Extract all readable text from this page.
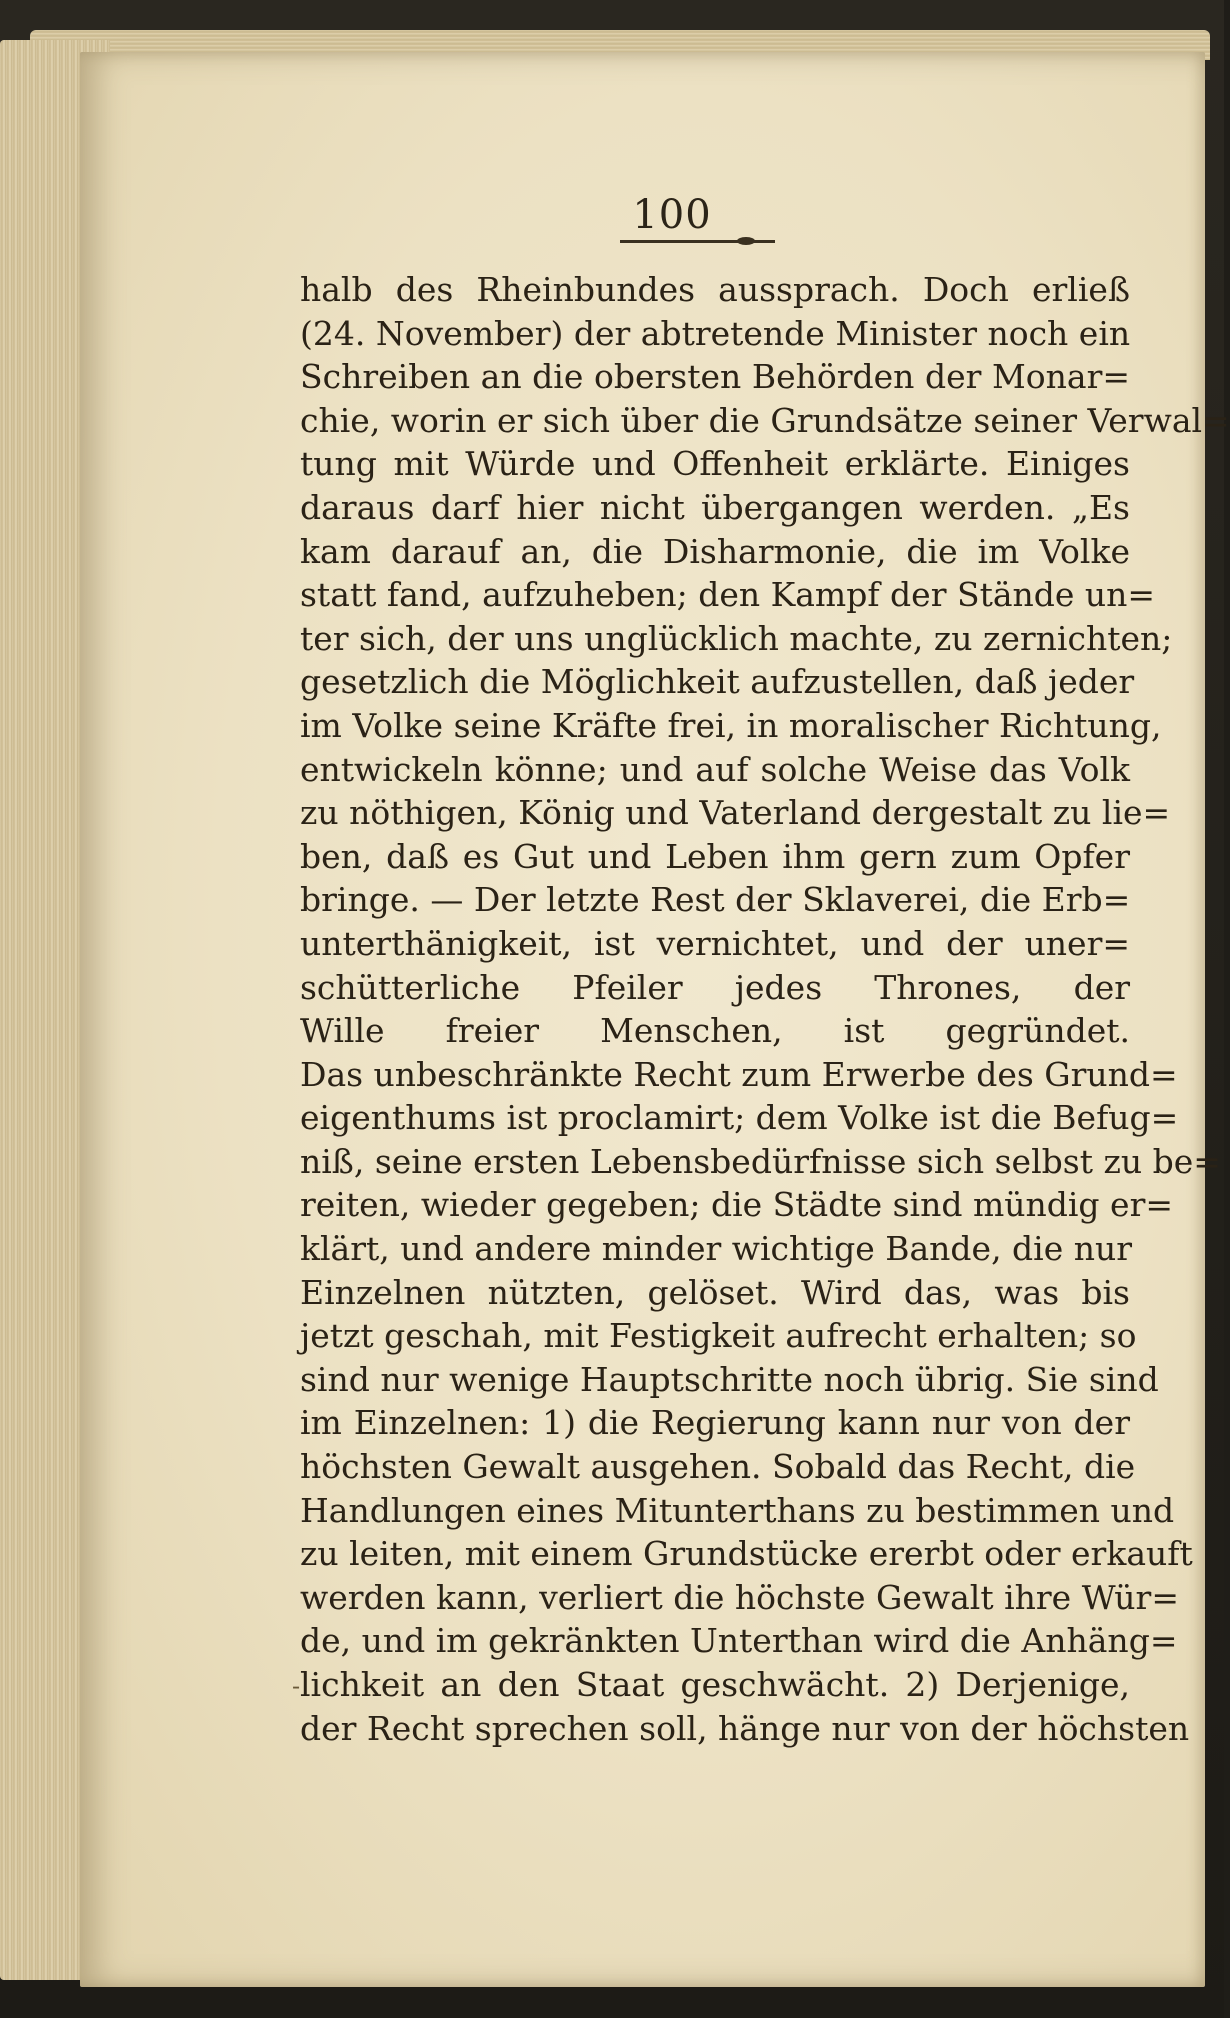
100
halb des Rheinbundes aussprach. Doch erließ
(24. November) der abtretende Minister noch ein
Schreiben an die obersten Behörden der Monar=
chie, worin er sich über die Grundsätze seiner Verwal=
tung mit Würde und Offenheit erklärte. Einiges
daraus darf hier nicht übergangen werden. „Es
kam darauf an, die Disharmonie, die im Volke
statt fand, aufzuheben; den Kampf der Stände un=
ter sich, der uns unglücklich machte, zu zernichten;
gesetzlich die Möglichkeit aufzustellen, daß jeder
im Volke seine Kräfte frei, in moralischer Richtung,
entwickeln könne; und auf solche Weise das Volk
zu nöthigen, König und Vaterland dergestalt zu lie=
ben, daß es Gut und Leben ihm gern zum Opfer
bringe. — Der letzte Rest der Sklaverei, die Erb=
unterthänigkeit, ist vernichtet, und der uner=
schütterliche Pfeiler jedes Thrones, der
Wille freier Menschen, ist gegründet.
Das unbeschränkte Recht zum Erwerbe des Grund=
eigenthums ist proclamirt; dem Volke ist die Befug=
niß, seine ersten Lebensbedürfnisse sich selbst zu be=
reiten, wieder gegeben; die Städte sind mündig er=
klärt, und andere minder wichtige Bande, die nur
Einzelnen nützten, gelöset. Wird das, was bis
jetzt geschah, mit Festigkeit aufrecht erhalten; so
sind nur wenige Hauptschritte noch übrig. Sie sind
im Einzelnen: 1) die Regierung kann nur von der
höchsten Gewalt ausgehen. Sobald das Recht, die
Handlungen eines Mitunterthans zu bestimmen und
zu leiten, mit einem Grundstücke ererbt oder erkauft
werden kann, verliert die höchste Gewalt ihre Wür=
de, und im gekränkten Unterthan wird die Anhäng=
lichkeit an den Staat geschwächt. 2) Derjenige,
der Recht sprechen soll, hänge nur von der höchsten
-
